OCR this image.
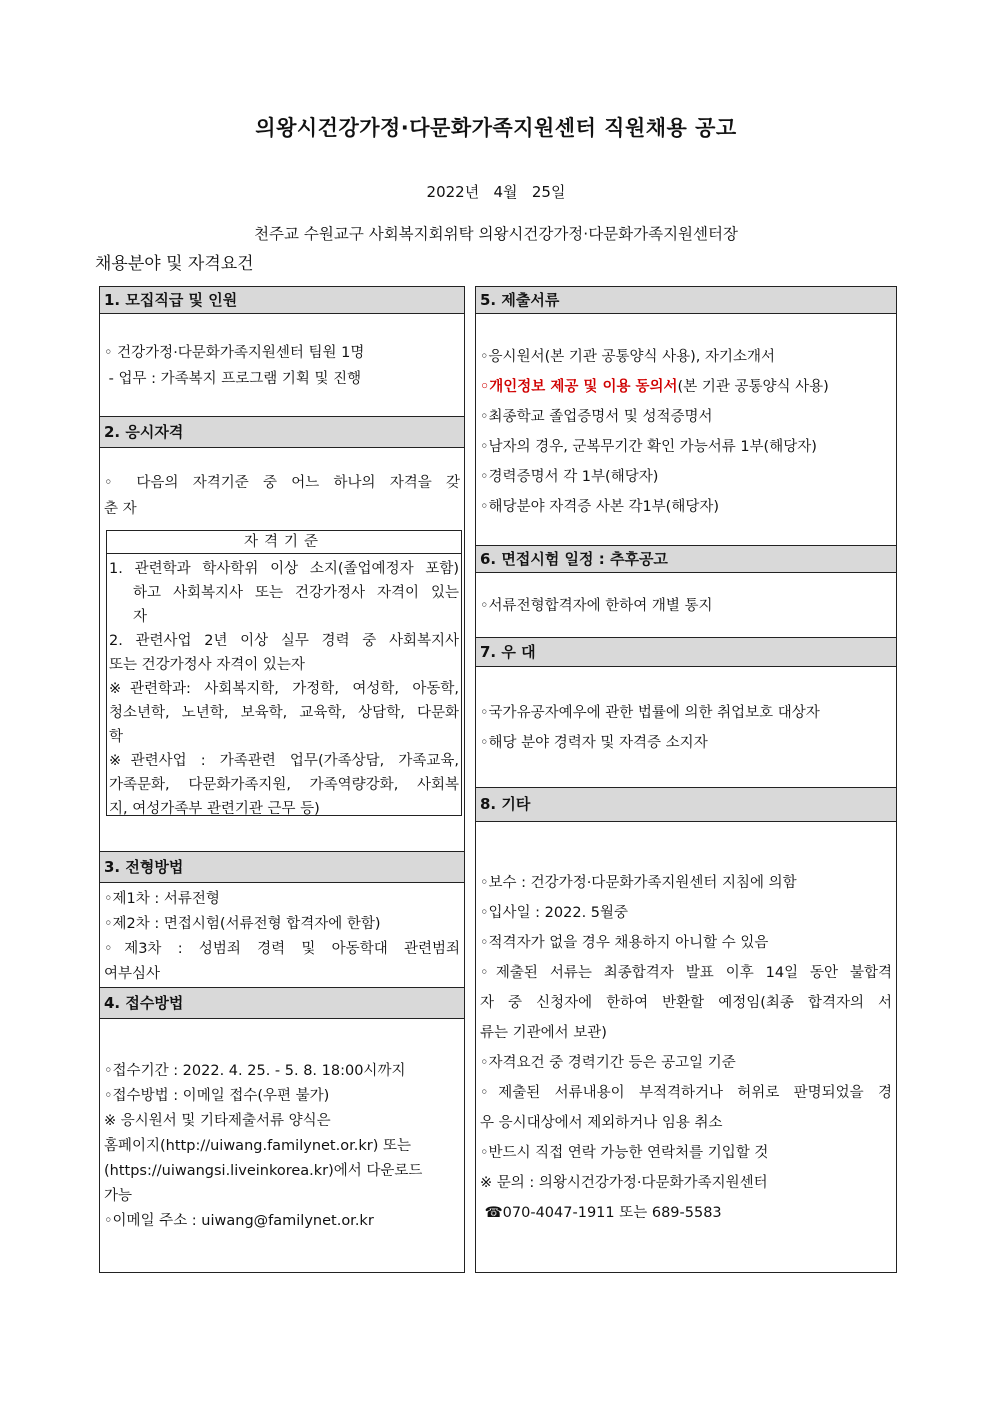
의왕시건강가정·다문화가족지원센터 직원채용 공고
2022년   4월   25일
천주교 수원교구 사회복지회위탁 의왕시건강가정·다문화가족지원센터장
채용분야 및 자격요건
1. 모집직급 및 인원
◦ 건강가정·다문화가족지원센터 팀원 1명
- 업무 : 가족복지 프로그램 기획 및 진행
2. 응시자격
◦ 다음의 자격기준 중 어느 하나의 자격을 갖
춘 자
자격기준
1. 관련학과 학사학위 이상 소지(졸업예정자 포함)
하고 사회복지사 또는 건강가정사 자격이 있는
자
2. 관련사업 2년 이상 실무 경력 중 사회복지사
또는 건강가정사 자격이 있는자
※관련학과: 사회복지학, 가정학, 여성학, 아동학,
청소년학, 노년학, 보육학, 교육학, 상담학, 다문화
학
※관련사업 : 가족관련 업무(가족상담, 가족교육,
가족문화, 다문화가족지원, 가족역량강화, 사회복
지, 여성가족부 관련기관 근무 등)
3. 전형방법
◦제1차 : 서류전형
◦제2차 : 면접시험(서류전형 합격자에 한함)
◦제3차 : 성범죄 경력 및 아동학대 관련범죄
여부심사
4. 접수방법
◦접수기간 : 2022. 4. 25. - 5. 8. 18:00시까지
◦접수방법 : 이메일 접수(우편 불가)
※ 응시원서 및 기타제출서류 양식은
홈페이지(http://uiwang.familynet.or.kr) 또는
(https://uiwangsi.liveinkorea.kr)에서 다운로드
가능
◦이메일 주소 : uiwang@familynet.or.kr
5. 제출서류
◦응시원서(본 기관 공통양식 사용), 자기소개서
◦개인정보 제공 및 이용 동의서(본 기관 공통양식 사용)
◦최종학교 졸업증명서 및 성적증명서
◦남자의 경우, 군복무기간 확인 가능서류 1부(해당자)
◦경력증명서 각 1부(해당자)
◦해당분야 자격증 사본 각1부(해당자)
6. 면접시험 일정 : 추후공고
◦서류전형합격자에 한하여 개별 통지
7. 우 대
◦국가유공자예우에 관한 법률에 의한 취업보호 대상자
◦해당 분야 경력자 및 자격증 소지자
8. 기타
◦보수 : 건강가정·다문화가족지원센터 지침에 의함
◦입사일 : 2022. 5월중
◦적격자가 없을 경우 채용하지 아니할 수 있음
◦제출된 서류는 최종합격자 발표 이후 14일 동안 불합격
자 중 신청자에 한하여 반환할 예정임(최종 합격자의 서
류는 기관에서 보관)
◦자격요건 중 경력기간 등은 공고일 기준
◦제출된 서류내용이 부적격하거나 허위로 판명되었을 경
우 응시대상에서 제외하거나 임용 취소
◦반드시 직접 연락 가능한 연락처를 기입할 것
※ 문의 : 의왕시건강가정·다문화가족지원센터
☎070-4047-1911 또는 689-5583
